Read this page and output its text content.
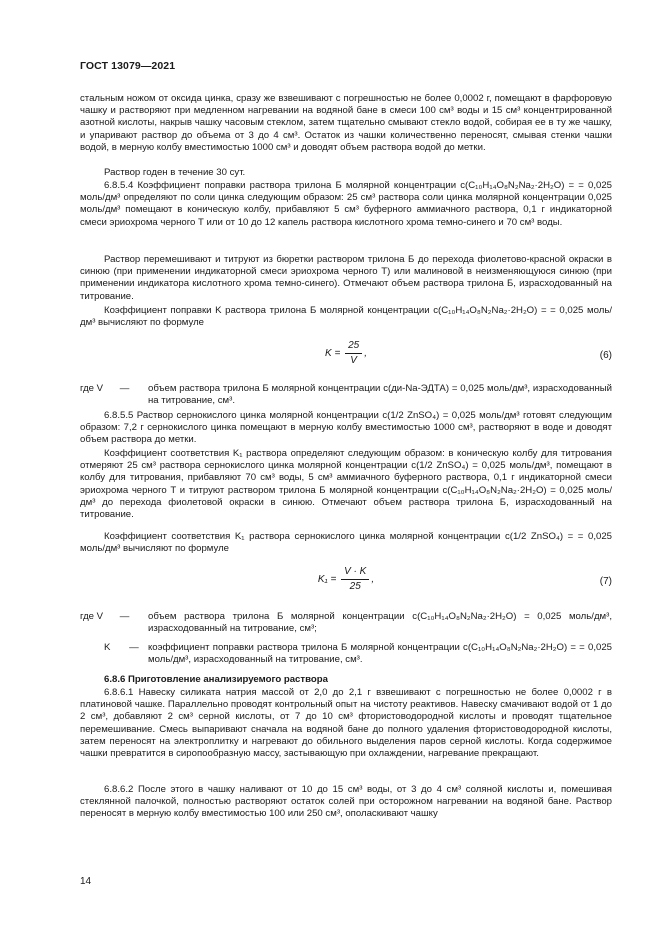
ГОСТ 13079—2021

стальным ножом от оксида цинка, сразу же взвешивают с погрешностью не более 0,0002 г, помещают в фарфоровую чашку и растворяют при медленном нагревании на водяной бане в смеси 100 см³ воды и 15 см³ концентрированной азотной кислоты, накрыв чашку часовым стеклом, затем тщательно смывают стекло водой, собирая ее в ту же чашку, и упаривают раствор до объема от 3 до 4 см³. Остаток из чашки количественно переносят, смывая стенки чашки водой, в мерную колбу вместимостью 1000 см³ и доводят объем раствора водой до метки.

Раствор годен в течение 30 сут.

6.8.5.4 Коэффициент поправки раствора трилона Б молярной концентрации c(C₁₀H₁₄O₈N₂Na₂·2H₂O) = = 0,025 моль/дм³ определяют по соли цинка следующим образом: 25 см³ раствора соли цинка молярной концентрации 0,025 моль/дм³ помещают в коническую колбу, прибавляют 5 см³ буферного аммиачного раствора, 0,1 г индикаторной смеси эриохрома черного Т или от 10 до 12 капель раствора кислотного хрома темно-синего и 70 см³ воды.

Раствор перемешивают и титруют из бюретки раствором трилона Б до перехода фиолетово-красной окраски в синюю (при применении индикаторной смеси эриохрома черного Т) или малиновой в неизменяющуюся синюю (при применении индикатора кислотного хрома темно-синего). Отмечают объем раствора трилона Б, израсходованный на титрование.

Коэффициент поправки K раствора трилона Б молярной концентрации c(C₁₀H₁₄O₈N₂Na₂·2H₂O) = = 0,025 моль/дм³ вычисляют по формуле

$K = \frac{25}{V}$ ,	(6)
где V — объем раствора трилона Б молярной концентрации c(ди-Na-ЭДТА) = 0,025 моль/дм³, израсходованный на титрование, см³.

6.8.5.5 Раствор сернокислого цинка молярной концентрации c(1/2 ZnSO₄) = 0,025 моль/дм³ готовят следующим образом: 7,2 г сернокислого цинка помещают в мерную колбу вместимостью 1000 см³, растворяют в воде и доводят объем раствора до метки.

Коэффициент соответствия K₁ раствора определяют следующим образом: в коническую колбу для титрования отмеряют 25 см³ раствора сернокислого цинка молярной концентрации c(1/2 ZnSO₄) = 0,025 моль/дм³, помещают в колбу для титрования, прибавляют 70 см³ воды, 5 см³ аммиачного буферного раствора, 0,1 г индикаторной смеси эриохрома черного Т и титруют раствором трилона Б молярной концентрации c(C₁₀H₁₄O₈N₂Na₂·2H₂O) = 0,025 моль/дм³ до перехода фиолетовой окраски в синюю. Отмечают объем раствора трилона Б, израсходованный на титрование.

Коэффициент соответствия K₁ раствора сернокислого цинка молярной концентрации c(1/2 ZnSO₄) = = 0,025 моль/дм³ вычисляют по формуле

$K_1 = \frac{V \cdot K}{25}$ ,	(7)
где V — объем раствора трилона Б молярной концентрации c(C₁₀H₁₄O₈N₂Na₂·2H₂O) = 0,025 моль/дм³, израсходованный на титрование, см³;
K — коэффициент поправки раствора трилона Б молярной концентрации c(C₁₀H₁₄O₈N₂Na₂·2H₂O) = = 0,025 моль/дм³, израсходованный на титрование, см³.

6.8.6 Приготовление анализируемого раствора

6.8.6.1 Навеску силиката натрия массой от 2,0 до 2,1 г взвешивают с погрешностью не более 0,0002 г в платиновой чашке. Параллельно проводят контрольный опыт на чистоту реактивов. Навеску смачивают водой от 1 до 2 см³, добавляют 2 см³ серной кислоты, от 7 до 10 см³ фтористоводородной кислоты и проводят тщательное перемешивание. Смесь выпаривают сначала на водяной бане до полного удаления фтористоводородной кислоты, затем переносят на электроплитку и нагревают до обильного выделения паров серной кислоты. Когда содержимое чашки превратится в сиропообразную массу, застывающую при охлаждении, нагревание прекращают.

6.8.6.2 После этого в чашку наливают от 10 до 15 см³ воды, от 3 до 4 см³ соляной кислоты и, помешивая стеклянной палочкой, полностью растворяют остаток солей при осторожном нагревании на водяной бане. Раствор переносят в мерную колбу вместимостью 100 или 250 см³, ополаскивают чашку

14
